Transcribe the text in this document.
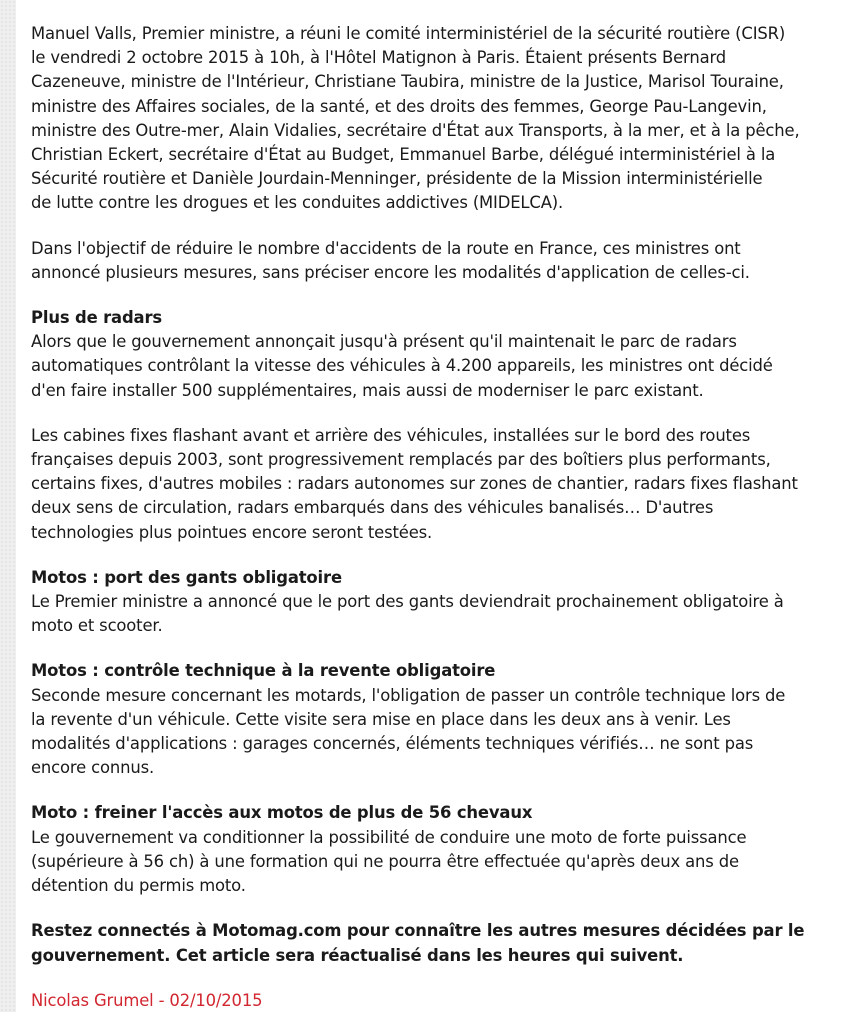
Manuel Valls, Premier ministre, a réuni le comité interministériel de la sécurité routière (CISR)
le vendredi 2 octobre 2015 à 10h, à l'Hôtel Matignon à Paris. Étaient présents Bernard
Cazeneuve, ministre de l'Intérieur, Christiane Taubira, ministre de la Justice, Marisol Touraine,
ministre des Affaires sociales, de la santé, et des droits des femmes, George Pau-Langevin,
ministre des Outre-mer, Alain Vidalies, secrétaire d'État aux Transports, à la mer, et à la pêche,
Christian Eckert, secrétaire d'État au Budget, Emmanuel Barbe, délégué interministériel à la
Sécurité routière et Danièle Jourdain-Menninger, présidente de la Mission interministérielle
de lutte contre les drogues et les conduites addictives (MIDELCA).

Dans l'objectif de réduire le nombre d'accidents de la route en France, ces ministres ont
annoncé plusieurs mesures, sans préciser encore les modalités d'application de celles-ci.

Plus de radars
Alors que le gouvernement annonçait jusqu'à présent qu'il maintenait le parc de radars
automatiques contrôlant la vitesse des véhicules à 4.200 appareils, les ministres ont décidé
d'en faire installer 500 supplémentaires, mais aussi de moderniser le parc existant.

Les cabines fixes flashant avant et arrière des véhicules, installées sur le bord des routes
françaises depuis 2003, sont progressivement remplacés par des boîtiers plus performants,
certains fixes, d'autres mobiles : radars autonomes sur zones de chantier, radars fixes flashant
deux sens de circulation, radars embarqués dans des véhicules banalisés… D'autres
technologies plus pointues encore seront testées.

Motos : port des gants obligatoire
Le Premier ministre a annoncé que le port des gants deviendrait prochainement obligatoire à
moto et scooter.

Motos : contrôle technique à la revente obligatoire
Seconde mesure concernant les motards, l'obligation de passer un contrôle technique lors de
la revente d'un véhicule. Cette visite sera mise en place dans les deux ans à venir. Les
modalités d'applications : garages concernés, éléments techniques vérifiés… ne sont pas
encore connus.

Moto : freiner l'accès aux motos de plus de 56 chevaux
Le gouvernement va conditionner la possibilité de conduire une moto de forte puissance
(supérieure à 56 ch) à une formation qui ne pourra être effectuée qu'après deux ans de
détention du permis moto.

Restez connectés à Motomag.com pour connaître les autres mesures décidées par le
gouvernement. Cet article sera réactualisé dans les heures qui suivent.

Nicolas Grumel - 02/10/2015
